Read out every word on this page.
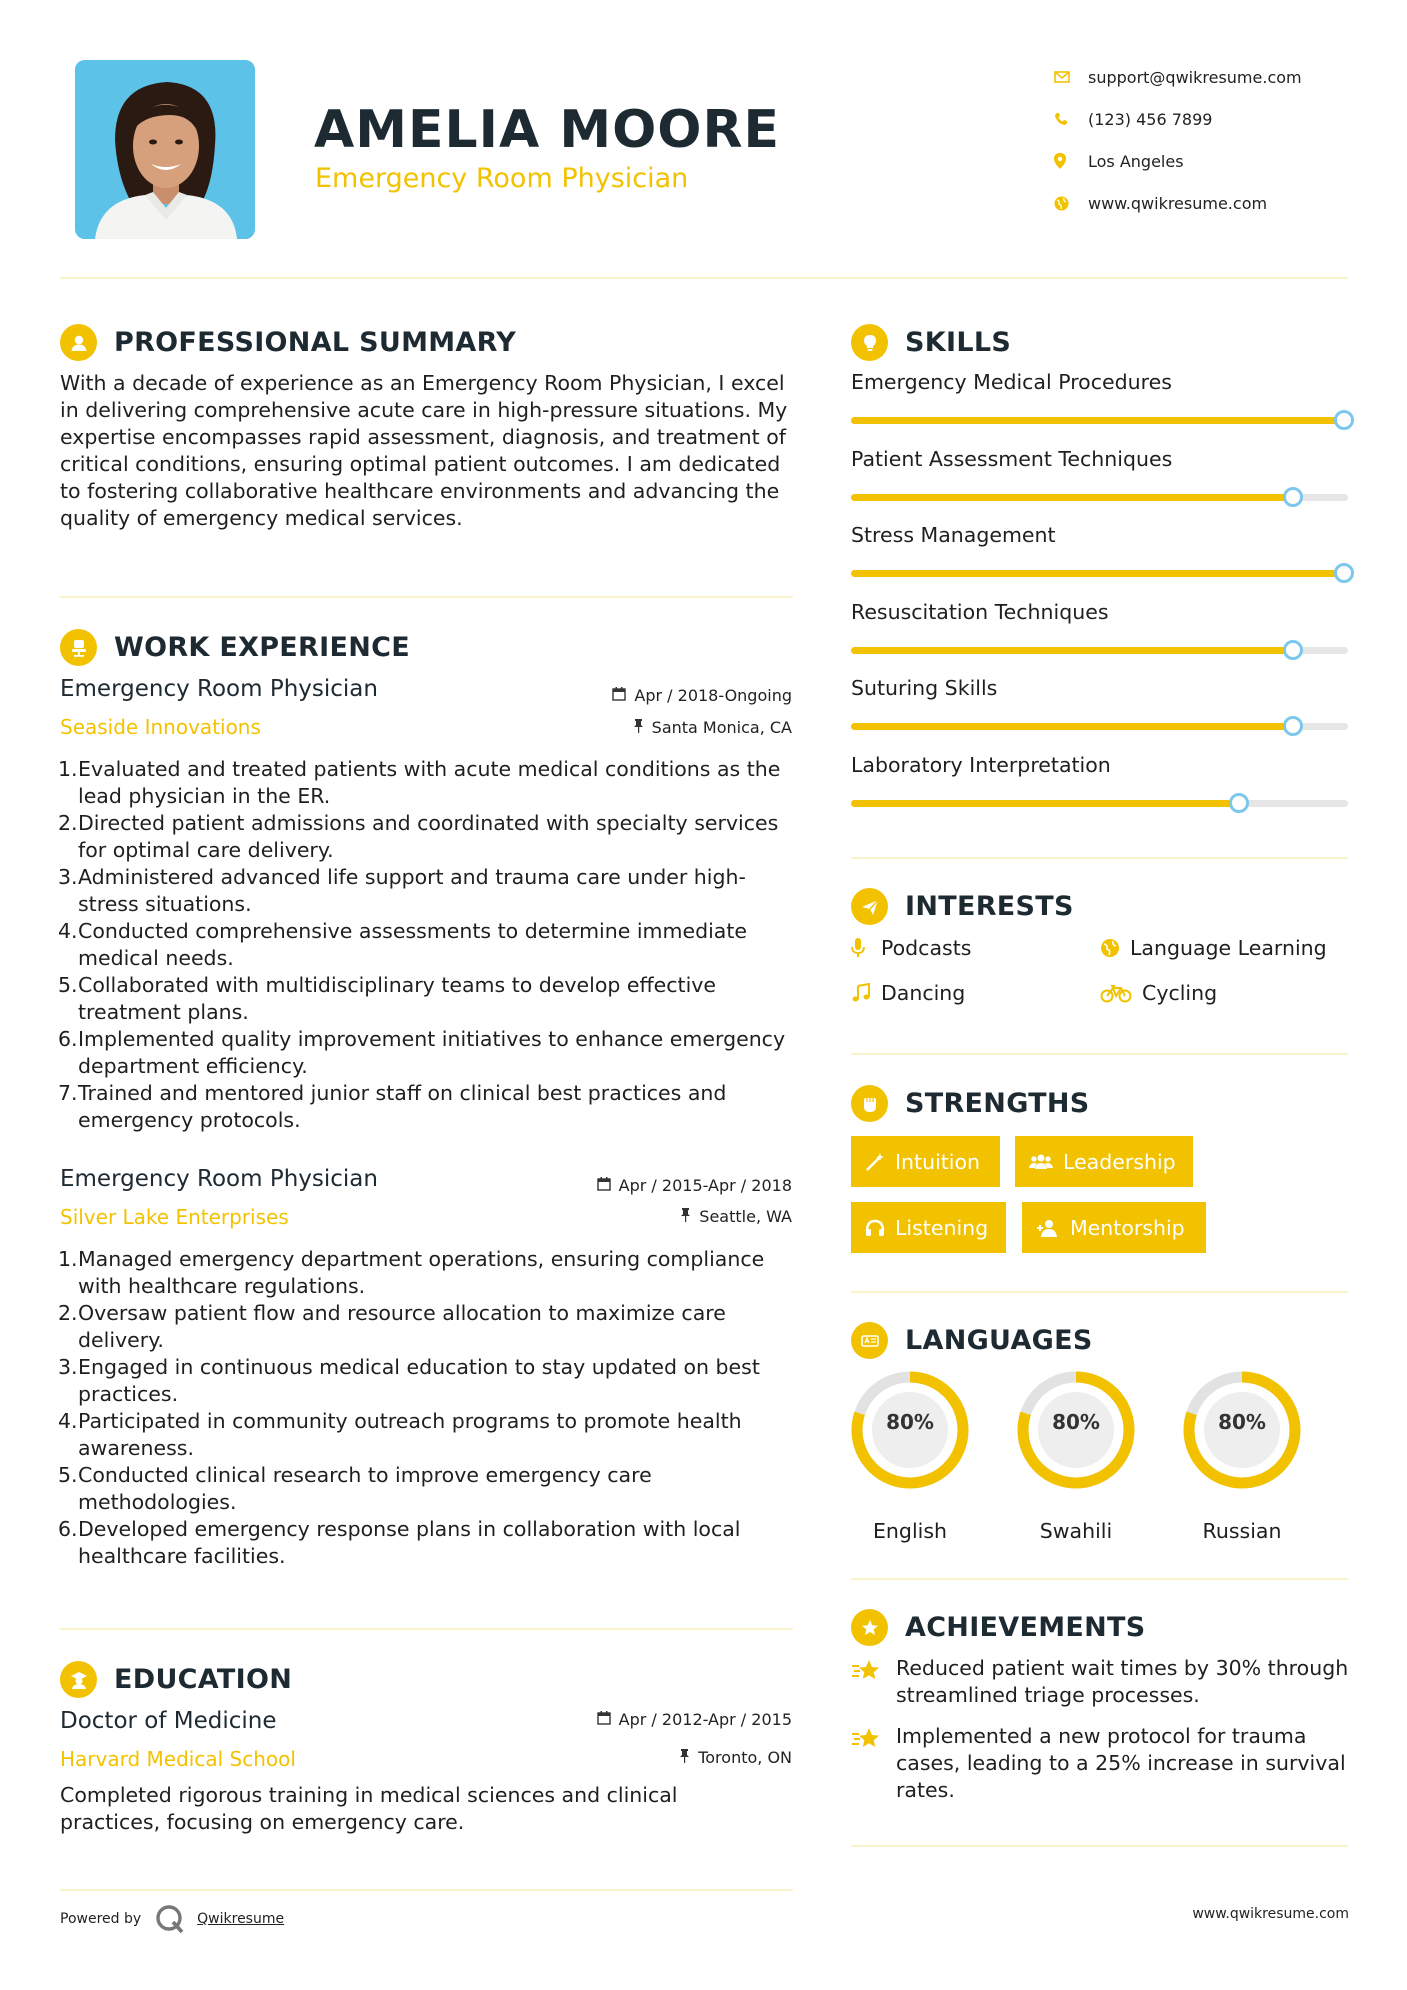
AMELIA MOORE
Emergency Room Physician
support@qwikresume.com
(123) 456 7899
Los Angeles
www.qwikresume.com
PROFESSIONAL SUMMARY
With a decade of experience as an Emergency Room Physician, I excel in delivering comprehensive acute care in high-pressure situations. My expertise encompasses rapid assessment, diagnosis, and treatment of critical conditions, ensuring optimal patient outcomes. I am dedicated to fostering collaborative healthcare environments and advancing the quality of emergency medical services.
WORK EXPERIENCE
Emergency Room Physician	Apr / 2018-Ongoing
Seaside Innovations	Santa Monica, CA
1. Evaluated and treated patients with acute medical conditions as the lead physician in the ER.
2. Directed patient admissions and coordinated with specialty services for optimal care delivery.
3. Administered advanced life support and trauma care under high-stress situations.
4. Conducted comprehensive assessments to determine immediate medical needs.
5. Collaborated with multidisciplinary teams to develop effective treatment plans.
6. Implemented quality improvement initiatives to enhance emergency department efficiency.
7. Trained and mentored junior staff on clinical best practices and emergency protocols.
Emergency Room Physician	Apr / 2015-Apr / 2018
Silver Lake Enterprises	Seattle, WA
1. Managed emergency department operations, ensuring compliance with healthcare regulations.
2. Oversaw patient flow and resource allocation to maximize care delivery.
3. Engaged in continuous medical education to stay updated on best practices.
4. Participated in community outreach programs to promote health awareness.
5. Conducted clinical research to improve emergency care methodologies.
6. Developed emergency response plans in collaboration with local healthcare facilities.
EDUCATION
Doctor of Medicine	Apr / 2012-Apr / 2015
Harvard Medical School	Toronto, ON
Completed rigorous training in medical sciences and clinical practices, focusing on emergency care.
SKILLS
Emergency Medical Procedures
Patient Assessment Techniques
Stress Management
Resuscitation Techniques
Suturing Skills
Laboratory Interpretation
INTERESTS
Podcasts	Language Learning
Dancing	Cycling
STRENGTHS
Intuition	Leadership
Listening	Mentorship
LANGUAGES
80%
English
80%
Swahili
80%
Russian
ACHIEVEMENTS
Reduced patient wait times by 30% through streamlined triage processes.
Implemented a new protocol for trauma cases, leading to a 25% increase in survival rates.
Powered by	Qwikresume	www.qwikresume.com
